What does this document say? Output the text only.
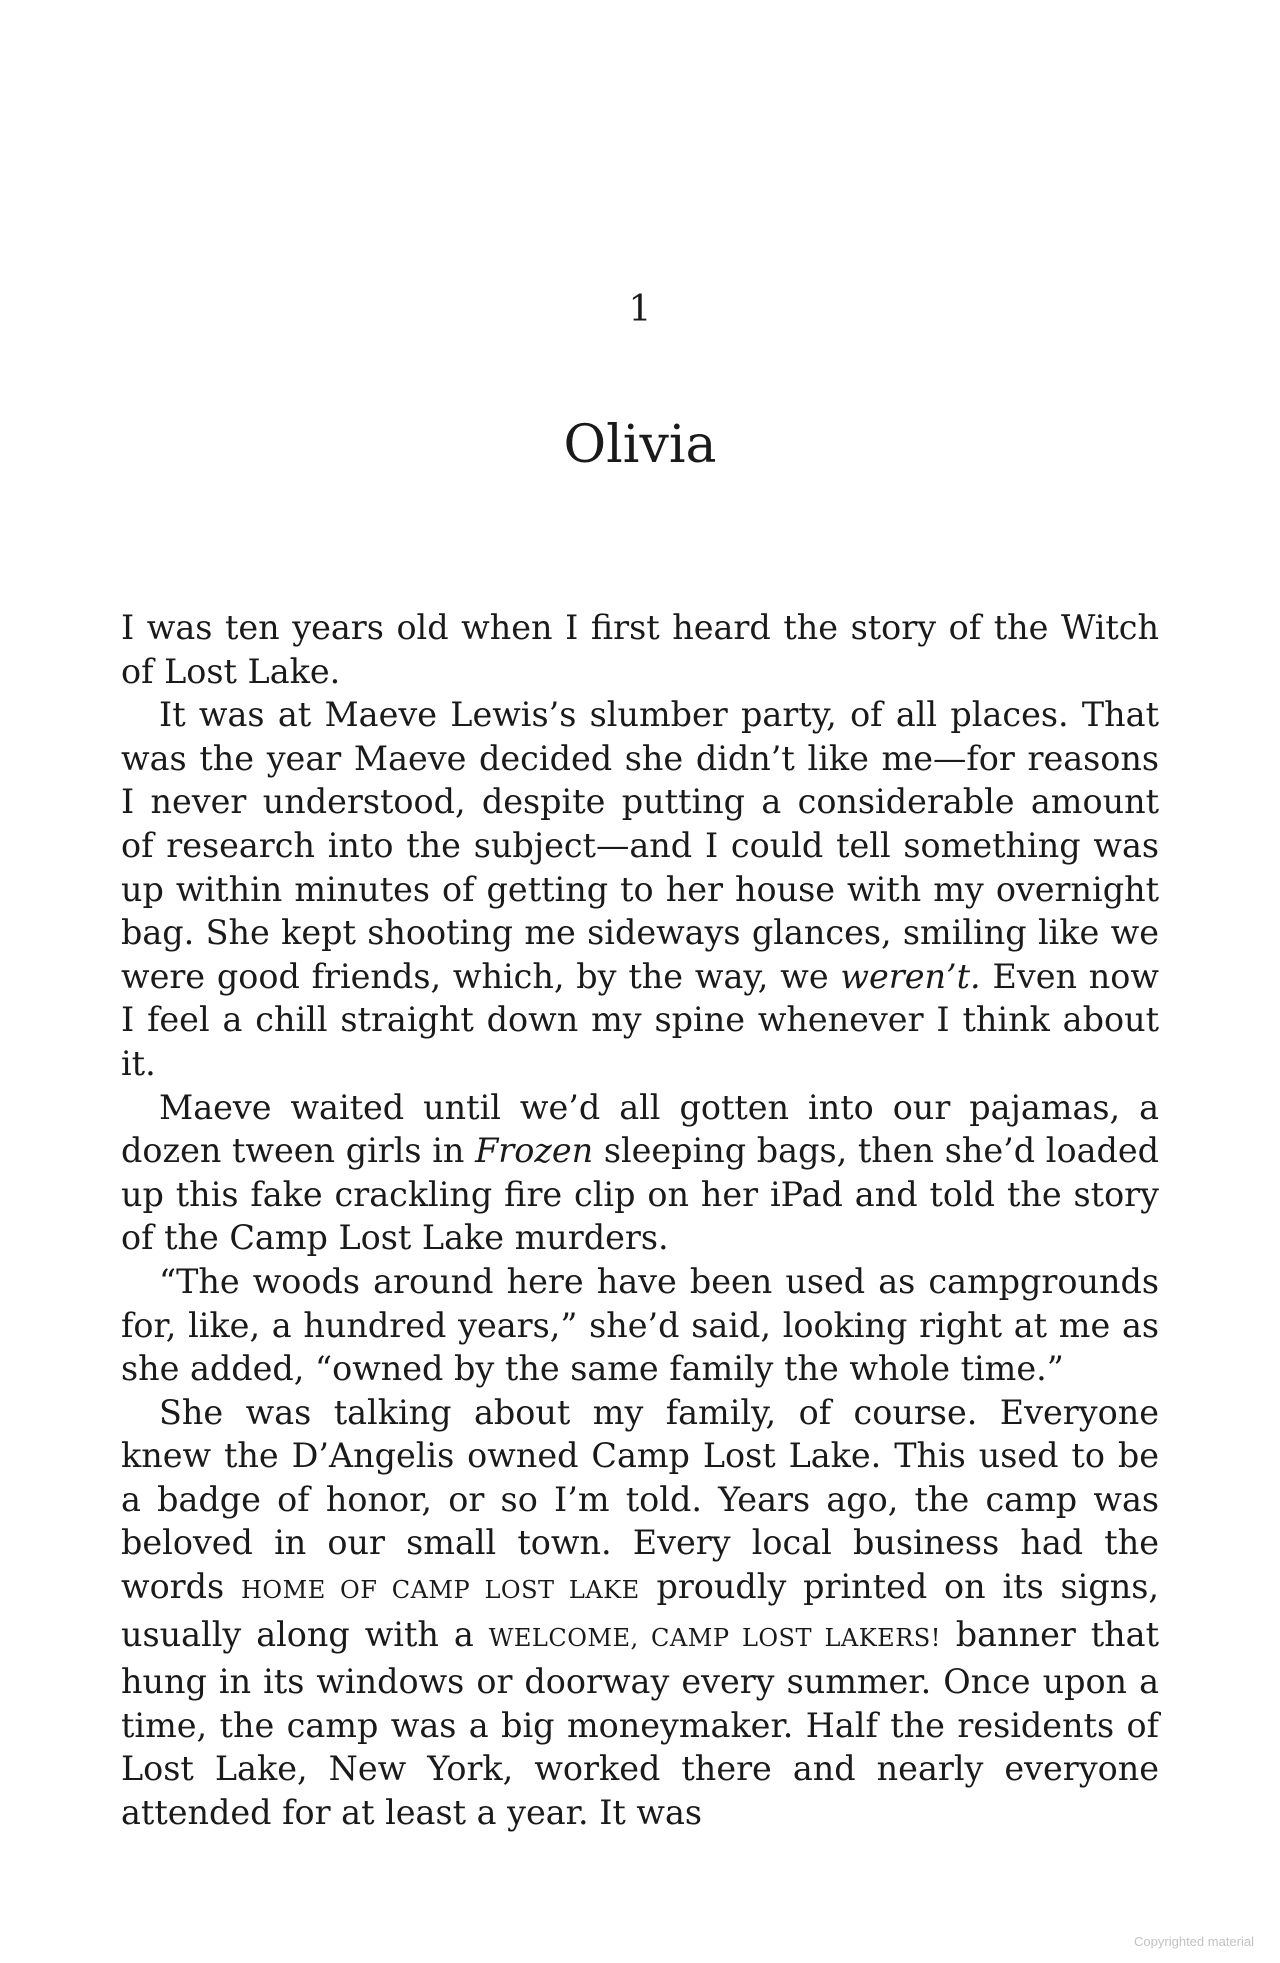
1
Olivia

I was ten years old when I first heard the story of the Witch of Lost Lake.

It was at Maeve Lewis’s slumber party, of all places. That was the year Maeve decided she didn’t like me—for reasons I never understood, despite putting a considerable amount of research into the subject—and I could tell something was up within minutes of getting to her house with my overnight bag. She kept shooting me sideways glances, smiling like we were good friends, which, by the way, we weren’t. Even now I feel a chill straight down my spine whenever I think about it.

Maeve waited until we’d all gotten into our pajamas, a dozen tween girls in Frozen sleeping bags, then she’d loaded up this fake crackling fire clip on her iPad and told the story of the Camp Lost Lake murders.

“The woods around here have been used as campgrounds for, like, a hundred years,” she’d said, looking right at me as she added, “owned by the same family the whole time.”

She was talking about my family, of course. Everyone knew the D’Angelis owned Camp Lost Lake. This used to be a badge of honor, or so I’m told. Years ago, the camp was beloved in our small town. Every local business had the words HOME OF CAMP LOST LAKE proudly printed on its signs, usually along with a WELCOME, CAMP LOST LAKERS! banner that hung in its windows or doorway every summer. Once upon a time, the camp was a big moneymaker. Half the residents of Lost Lake, New York, worked there and nearly everyone attended for at least a year. It was

Copyrighted material
